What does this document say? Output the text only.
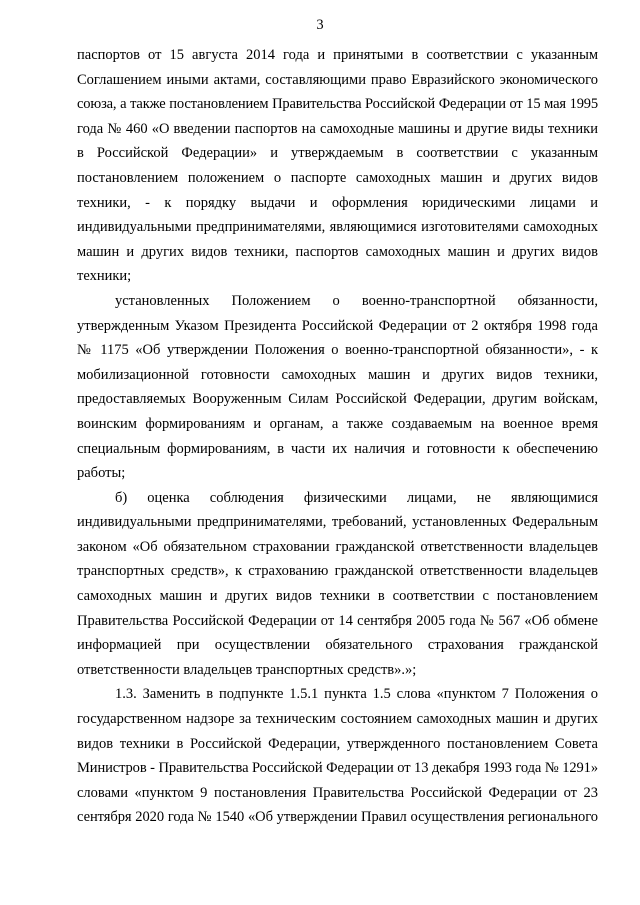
3
паспортов от 15 августа 2014 года и принятыми в соответствии с указанным
Соглашением иными актами, составляющими право Евразийского экономического
союза, а также постановлением Правительства Российской Федерации от 15 мая 1995
года № 460 «О введении паспортов на самоходные машины и другие виды техники
в Российской Федерации» и утверждаемым в соответствии с указанным
постановлением положением о паспорте самоходных машин и других видов
техники, - к порядку выдачи и оформления юридическими лицами и
индивидуальными предпринимателями, являющимися изготовителями самоходных
машин и других видов техники, паспортов самоходных машин и других видов
техники;
установленных Положением о военно-транспортной обязанности,
утвержденным Указом Президента Российской Федерации от 2 октября 1998 года
№ 1175 «Об утверждении Положения о военно-транспортной обязанности», - к
мобилизационной готовности самоходных машин и других видов техники,
предоставляемых Вооруженным Силам Российской Федерации, другим войскам,
воинским формированиям и органам, а также создаваемым на военное время
специальным формированиям, в части их наличия и готовности к обеспечению
работы;
б) оценка соблюдения физическими лицами, не являющимися
индивидуальными предпринимателями, требований, установленных Федеральным
законом «Об обязательном страховании гражданской ответственности владельцев
транспортных средств», к страхованию гражданской ответственности владельцев
самоходных машин и других видов техники в соответствии с постановлением
Правительства Российской Федерации от 14 сентября 2005 года № 567 «Об обмене
информацией при осуществлении обязательного страхования гражданской
ответственности владельцев транспортных средств».»;
1.3. Заменить в подпункте 1.5.1 пункта 1.5 слова «пунктом 7 Положения о
государственном надзоре за техническим состоянием самоходных машин и других
видов техники в Российской Федерации, утвержденного постановлением Совета
Министров - Правительства Российской Федерации от 13 декабря 1993 года № 1291»
словами «пунктом 9 постановления Правительства Российской Федерации от 23
сентября 2020 года № 1540 «Об утверждении Правил осуществления регионального
